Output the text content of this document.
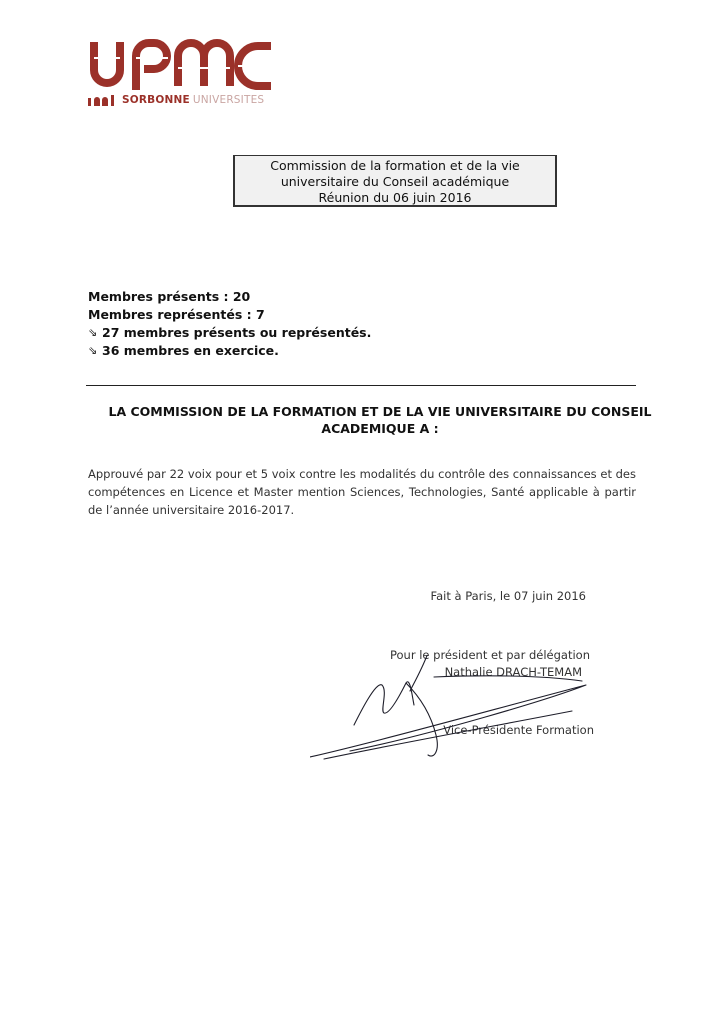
SORBONNE UNIVERSITES
Commission de la formation et de la vie
universitaire du Conseil académique
Réunion du 06 juin 2016
Membres présents : 20
Membres représentés : 7
⇘ 27 membres présents ou représentés.
⇘ 36 membres en exercice.
LA COMMISSION DE LA FORMATION ET DE LA VIE UNIVERSITAIRE DU CONSEIL
ACADEMIQUE A :
Approuvé par 22 voix pour et 5 voix contre les modalités du contrôle des connaissances et des compétences en Licence et Master mention Sciences, Technologies, Santé applicable à partir de l’année universitaire 2016-2017.
Fait à Paris, le 07 juin 2016
Pour le président et par délégation
Nathalie DRACH-TEMAM
Vice-Présidente Formation
